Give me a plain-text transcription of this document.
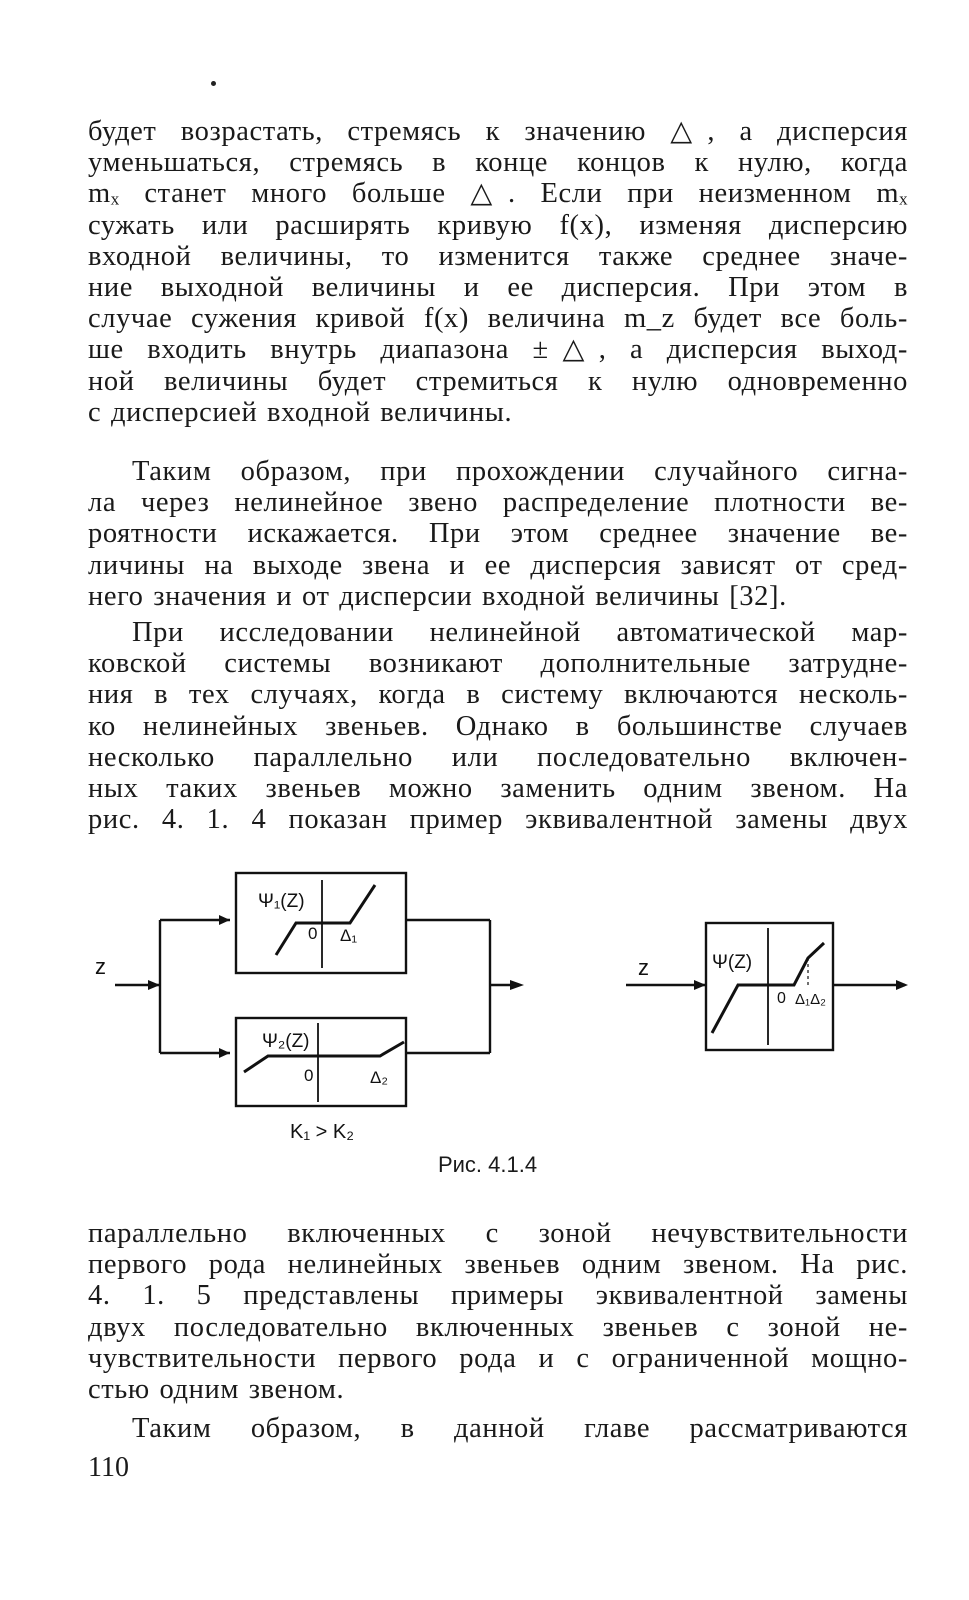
будет возрастать, стремясь к значению △, а дисперсия
уменьшаться, стремясь в конце концов к нулю, когда
mₓ станет много больше △. Если при неизменном mₓ
сужать или расширять кривую f(x), изменяя дисперсию
входной величины, то изменится также среднее значе-
ние выходной величины и ее дисперсия. При этом в
случае сужения кривой f(x) величина m_z будет все боль-
ше входить внутрь диапазона ±△, а дисперсия выход-
ной величины будет стремиться к нулю одновременно
с дисперсией входной величины.

Таким образом, при прохождении случайного сигна-
ла через нелинейное звено распределение плотности ве-
роятности искажается. При этом среднее значение ве-
личины на выходе звена и ее дисперсия зависят от сред-
него значения и от дисперсии входной величины [32].

При исследовании нелинейной автоматической мар-
ковской системы возникают дополнительные затрудне-
ния в тех случаях, когда в систему включаются несколь-
ко нелинейных звеньев. Однако в большинстве случаев
несколько параллельно или последовательно включен-
ных таких звеньев можно заменить одним звеном. На
рис. 4. 1. 4 показан пример эквивалентной замены двух

z
Ψ₁(Z)
0 Δ₁
Ψ₂(Z)
0	Δ₂
K₁ > K₂
z	Ψ(Z)
0 Δ₁Δ₂
Рис. 4.1.4

параллельно включенных с зоной нечувствительности
первого рода нелинейных звеньев одним звеном. На рис.
4. 1. 5 представлены примеры эквивалентной замены
двух последовательно включенных звеньев с зоной не-
чувствительности первого рода и с ограниченной мощно-
стью одним звеном.

Таким образом, в данной главе рассматриваются

110
